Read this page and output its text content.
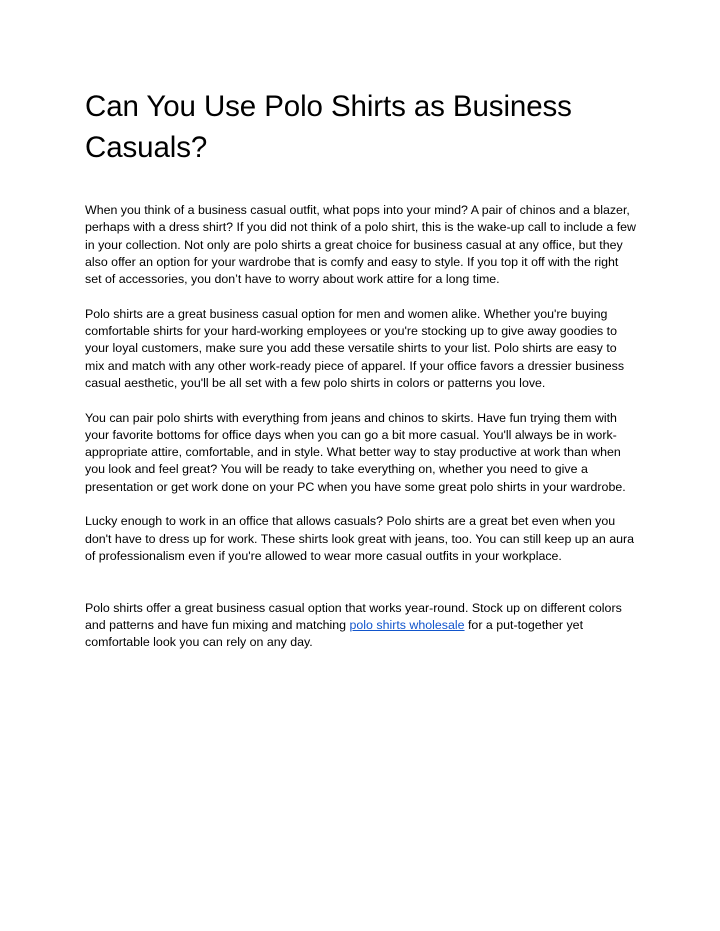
Can You Use Polo Shirts as Business Casuals?

When you think of a business casual outfit, what pops into your mind? A pair of chinos and a blazer, perhaps with a dress shirt? If you did not think of a polo shirt, this is the wake-up call to include a few in your collection. Not only are polo shirts a great choice for business casual at any office, but they also offer an option for your wardrobe that is comfy and easy to style. If you top it off with the right set of accessories, you don’t have to worry about work attire for a long time.

Polo shirts are a great business casual option for men and women alike. Whether you're buying comfortable shirts for your hard-working employees or you're stocking up to give away goodies to your loyal customers, make sure you add these versatile shirts to your list. Polo shirts are easy to mix and match with any other work-ready piece of apparel. If your office favors a dressier business casual aesthetic, you'll be all set with a few polo shirts in colors or patterns you love.

You can pair polo shirts with everything from jeans and chinos to skirts. Have fun trying them with your favorite bottoms for office days when you can go a bit more casual. You'll always be in work-appropriate attire, comfortable, and in style. What better way to stay productive at work than when you look and feel great? You will be ready to take everything on, whether you need to give a presentation or get work done on your PC when you have some great polo shirts in your wardrobe.

Lucky enough to work in an office that allows casuals? Polo shirts are a great bet even when you don't have to dress up for work. These shirts look great with jeans, too. You can still keep up an aura of professionalism even if you're allowed to wear more casual outfits in your workplace.

Polo shirts offer a great business casual option that works year-round. Stock up on different colors and patterns and have fun mixing and matching polo shirts wholesale for a put-together yet comfortable look you can rely on any day.
